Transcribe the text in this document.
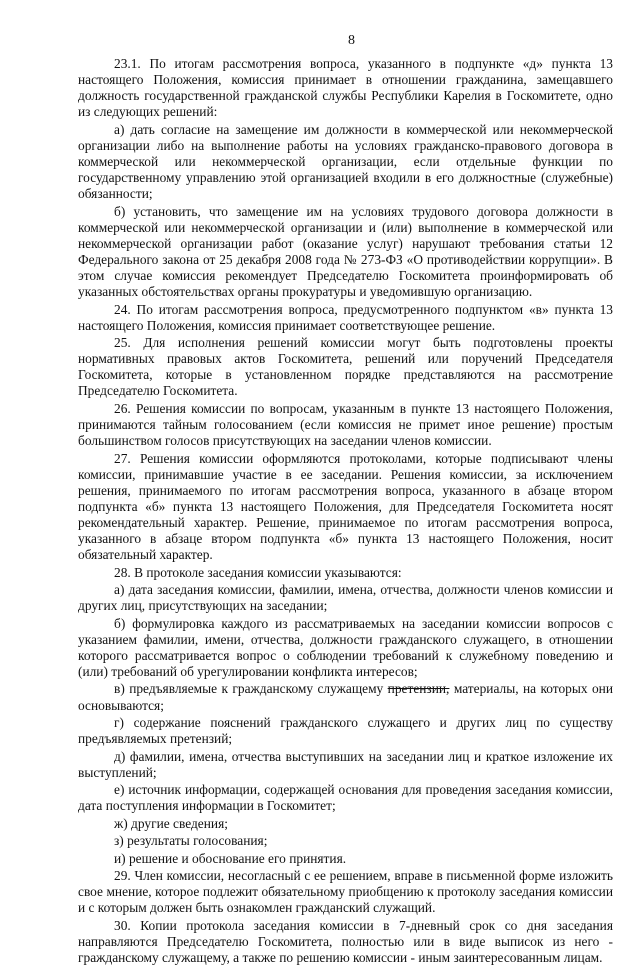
8

23.1. По итогам рассмотрения вопроса, указанного в подпункте «д» пункта 13 настоящего Положения, комиссия принимает в отношении гражданина, замещавшего должность государственной гражданской службы Республики Карелия в Госкомитете, одно из следующих решений:

а) дать согласие на замещение им должности в коммерческой или некоммерческой организации либо на выполнение работы на условиях гражданско-правового договора в коммерческой или некоммерческой организации, если отдельные функции по государственному управлению этой организацией входили в его должностные (служебные) обязанности;

б) установить, что замещение им на условиях трудового договора должности в коммерческой или некоммерческой организации и (или) выполнение в коммерческой или некоммерческой организации работ (оказание услуг) нарушают требования статьи 12 Федерального закона от 25 декабря 2008 года № 273-ФЗ «О противодействии коррупции». В этом случае комиссия рекомендует Председателю Госкомитета проинформировать об указанных обстоятельствах органы прокуратуры и уведомившую организацию.

24. По итогам рассмотрения вопроса, предусмотренного подпунктом «в» пункта 13 настоящего Положения, комиссия принимает соответствующее решение.

25. Для исполнения решений комиссии могут быть подготовлены проекты нормативных правовых актов Госкомитета, решений или поручений Председателя Госкомитета, которые в установленном порядке представляются на рассмотрение Председателю Госкомитета.

26. Решения комиссии по вопросам, указанным в пункте 13 настоящего Положения, принимаются тайным голосованием (если комиссия не примет иное решение) простым большинством голосов присутствующих на заседании членов комиссии.

27. Решения комиссии оформляются протоколами, которые подписывают члены комиссии, принимавшие участие в ее заседании. Решения комиссии, за исключением решения, принимаемого по итогам рассмотрения вопроса, указанного в абзаце втором подпункта «б» пункта 13 настоящего Положения, для Председателя Госкомитета носят рекомендательный характер. Решение, принимаемое по итогам рассмотрения вопроса, указанного в абзаце втором подпункта «б» пункта 13 настоящего Положения, носит обязательный характер.

28. В протоколе заседания комиссии указываются:

а) дата заседания комиссии, фамилии, имена, отчества, должности членов комиссии и других лиц, присутствующих на заседании;

б) формулировка каждого из рассматриваемых на заседании комиссии вопросов с указанием фамилии, имени, отчества, должности гражданского служащего, в отношении которого рассматривается вопрос о соблюдении требований к служебному поведению и (или) требований об урегулировании конфликта интересов;

в) предъявляемые к гражданскому служащему претензии, материалы, на которых они основываются;

г) содержание пояснений гражданского служащего и других лиц по существу предъявляемых претензий;

д) фамилии, имена, отчества выступивших на заседании лиц и краткое изложение их выступлений;

е) источник информации, содержащей основания для проведения заседания комиссии, дата поступления информации в Госкомитет;

ж) другие сведения;

з) результаты голосования;

и) решение и обоснование его принятия.

29. Член комиссии, несогласный с ее решением, вправе в письменной форме изложить свое мнение, которое подлежит обязательному приобщению к протоколу заседания комиссии и с которым должен быть ознакомлен гражданский служащий.

30. Копии протокола заседания комиссии в 7-дневный срок со дня заседания направляются Председателю Госкомитета, полностью или в виде выписок из него - гражданскому служащему, а также по решению комиссии - иным заинтересованным лицам.
